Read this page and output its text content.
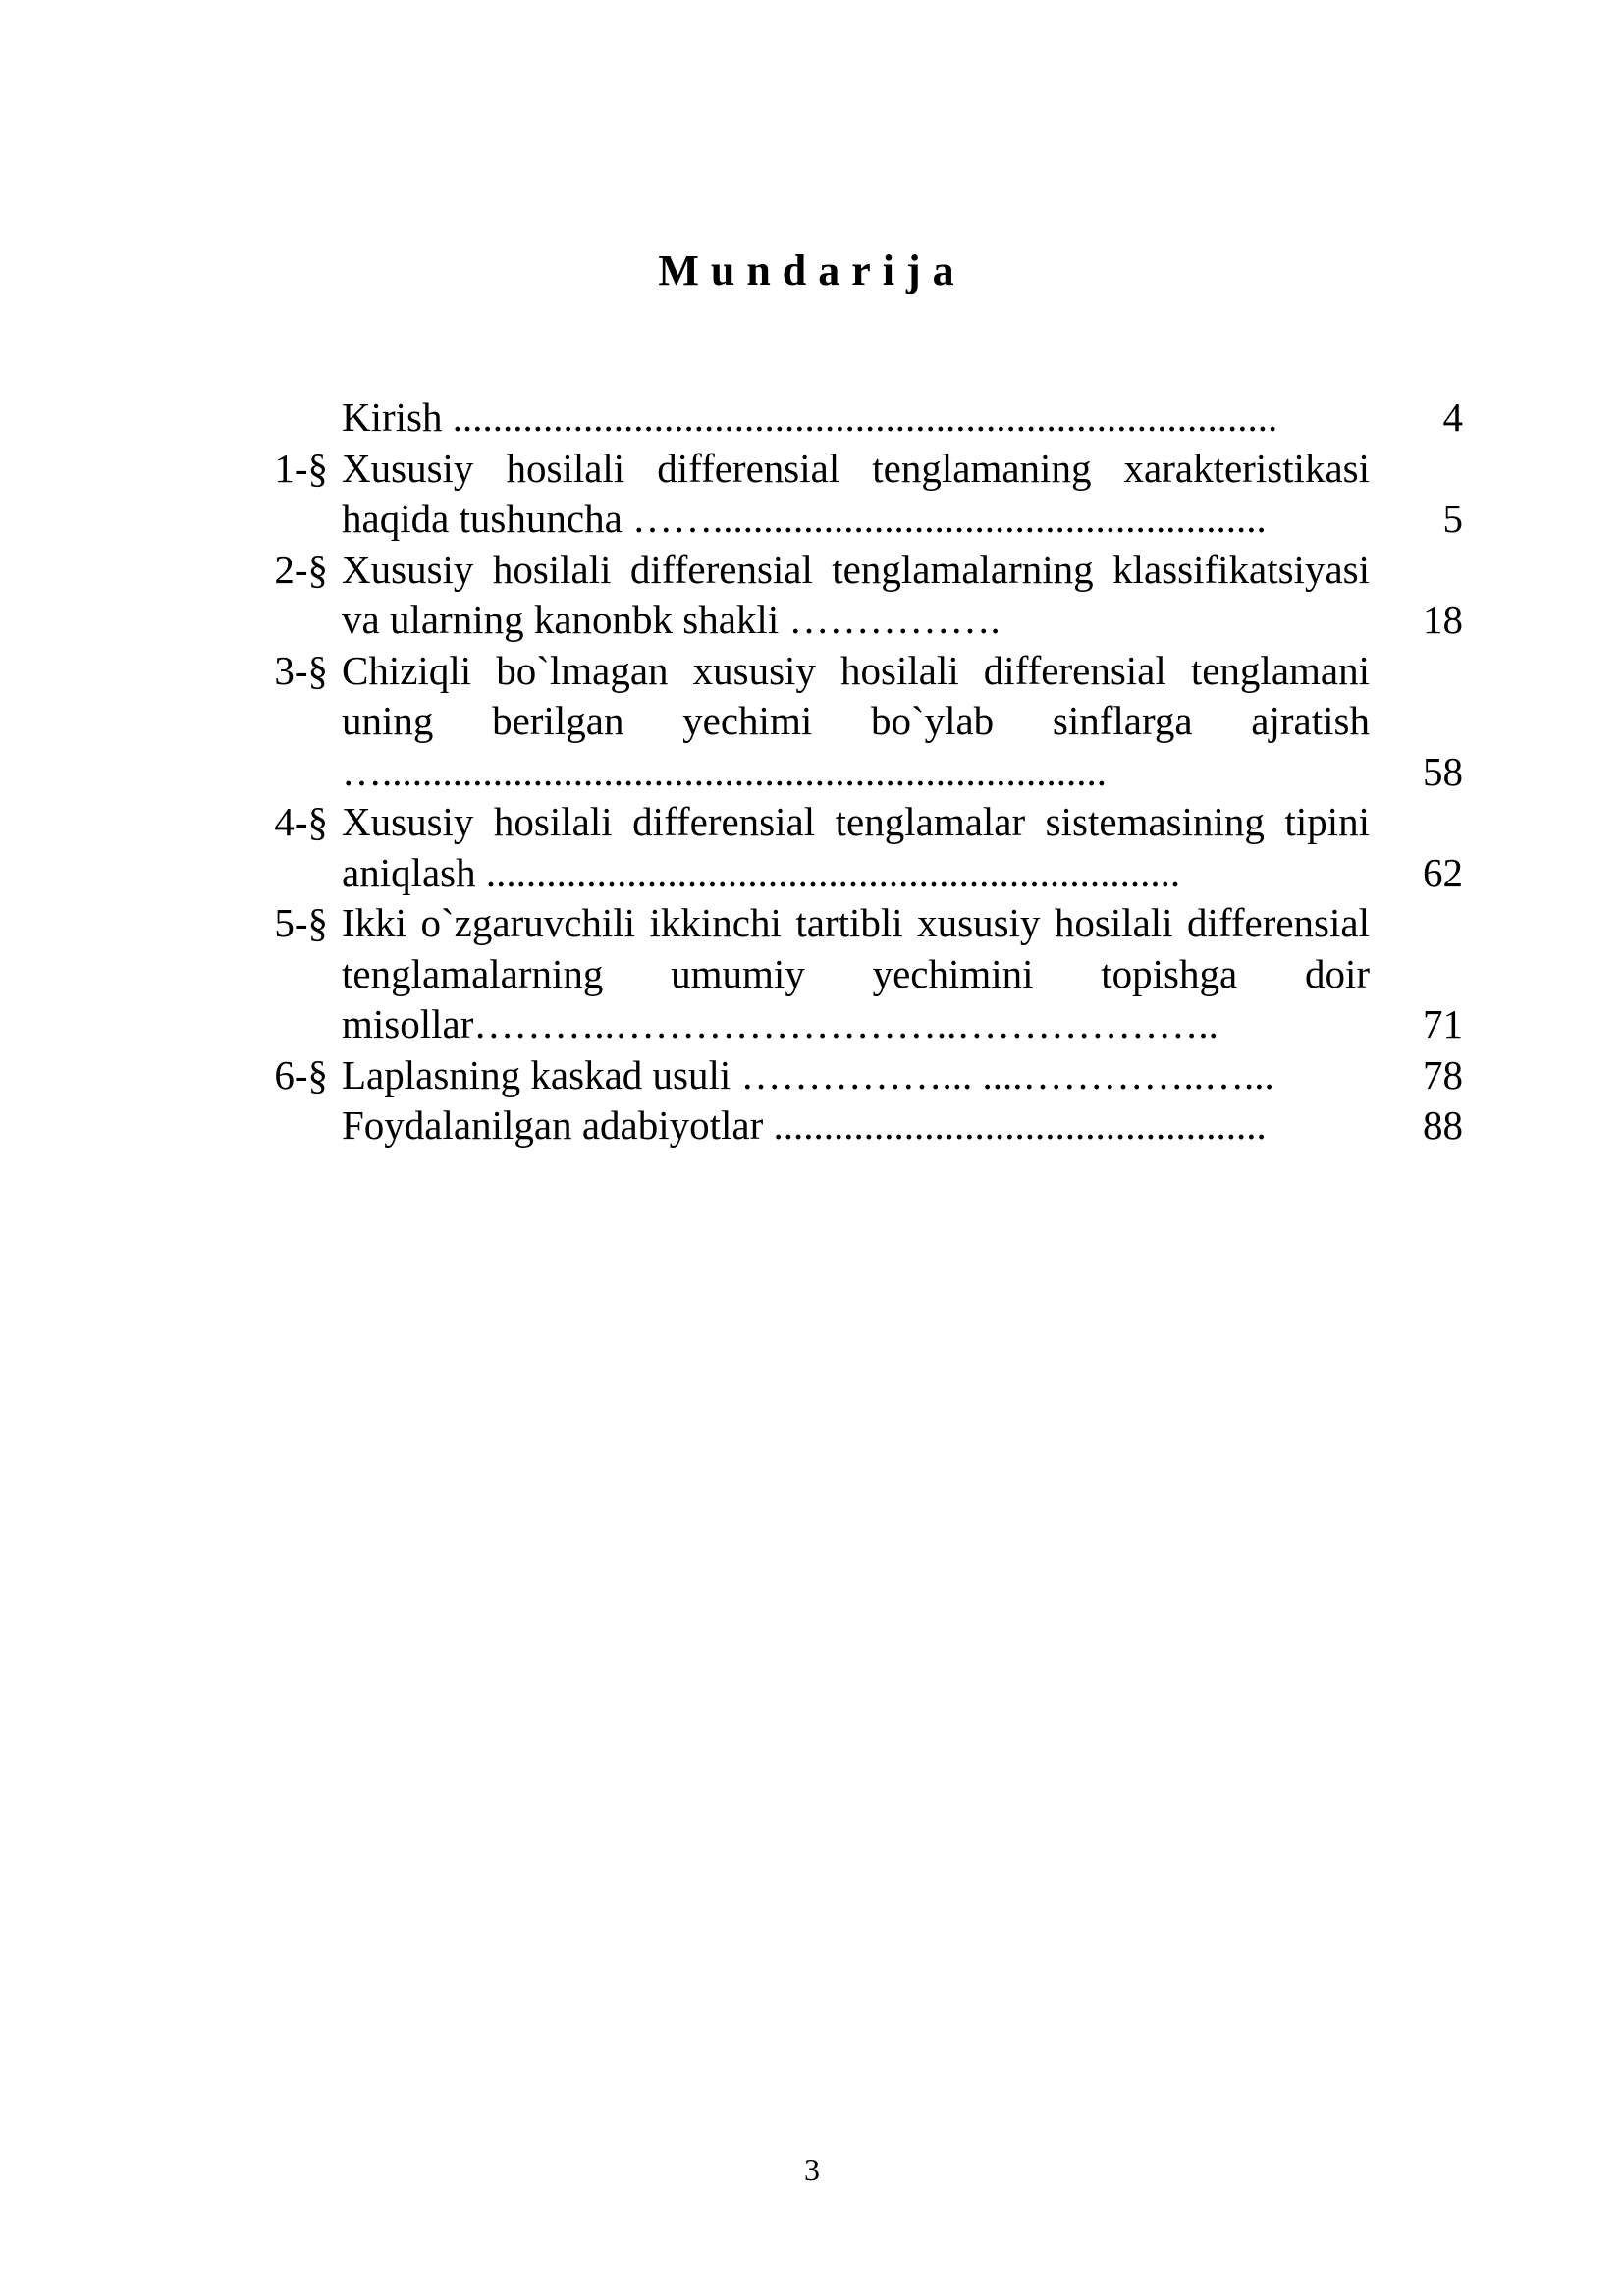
Mundarija
Kirish ..................................................................................	4
1-§ Xususiy hosilali differensial tenglamaning xarakteristikasi haqida tushuncha …….......................................................	5
2-§ Xususiy hosilali differensial tenglamalarning klassifikatsiyasi va ularning kanonbk shakli …………….	18
3-§ Chiziqli bo`lmagan xususiy hosilali differensial tenglamani uning berilgan yechimi bo`ylab sinflarga ajratish …........................................................................	58
4-§ Xususiy hosilali differensial tenglamalar sistemasining tipini aniqlash .....................................................................	62
5-§ Ikki o`zgaruvchili ikkinchi tartibli xususiy hosilali differensial tenglamalarning umumiy yechimini topishga doir misollar………..……………………..………………..	71
6-§ Laplasning kaskad usuli ……………... ....…………..…...	78
Foydalanilgan adabiyotlar .................................................	88
3
